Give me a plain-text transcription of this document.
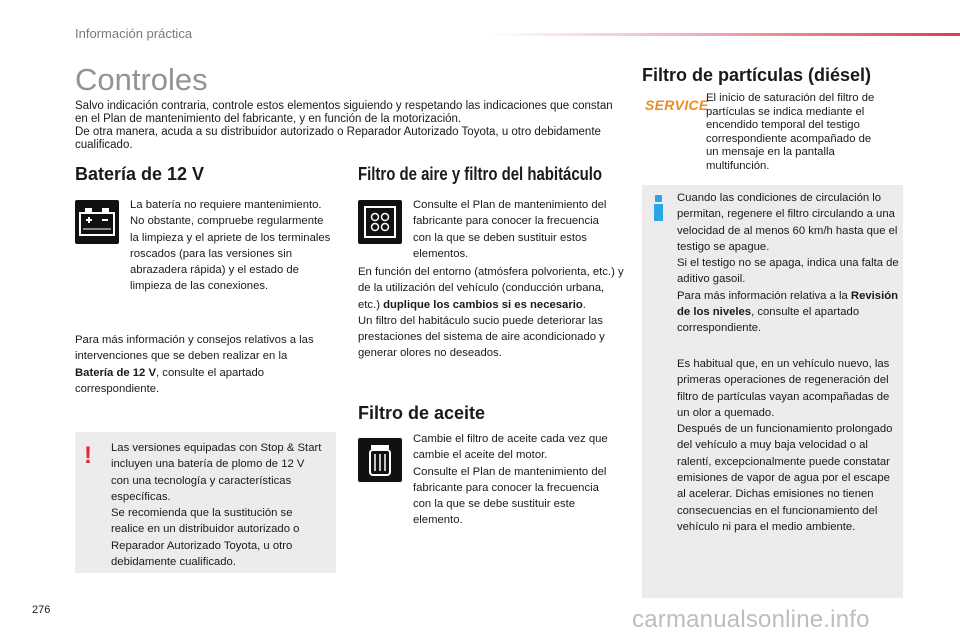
Información práctica
Controles
Salvo indicación contraria, controle estos elementos siguiendo y respetando las indicaciones que constan en el Plan de mantenimiento del fabricante, y en función de la motorización.
De otra manera, acuda a su distribuidor autorizado o Reparador Autorizado Toyota, u otro debidamente cualificado.
Batería de 12 V
La batería no requiere mantenimiento.
No obstante, compruebe regularmente la limpieza y el apriete de los terminales roscados (para las versiones sin abrazadera rápida) y el estado de limpieza de las conexiones.
Para más información y consejos relativos a las intervenciones que se deben realizar en la Batería de 12 V, consulte el apartado correspondiente.
! Las versiones equipadas con Stop & Start incluyen una batería de plomo de 12 V con una tecnología y características específicas.
Se recomienda que la sustitución se realice en un distribuidor autorizado o Reparador Autorizado Toyota, u otro debidamente cualificado.
Filtro de aire y filtro del habitáculo
Consulte el Plan de mantenimiento del fabricante para conocer la frecuencia con la que se deben sustituir estos elementos.
En función del entorno (atmósfera polvorienta, etc.) y de la utilización del vehículo (conducción urbana, etc.) duplique los cambios si es necesario.
Un filtro del habitáculo sucio puede deteriorar las prestaciones del sistema de aire acondicionado y generar olores no deseados.
Filtro de aceite
Cambie el filtro de aceite cada vez que cambie el aceite del motor.
Consulte el Plan de mantenimiento del fabricante para conocer la frecuencia con la que se debe sustituir este elemento.
Filtro de partículas (diésel)
SERVICE
El inicio de saturación del filtro de partículas se indica mediante el encendido temporal del testigo correspondiente acompañado de un mensaje en la pantalla multifunción.
Cuando las condiciones de circulación lo permitan, regenere el filtro circulando a una velocidad de al menos 60 km/h hasta que el testigo se apague.
Si el testigo no se apaga, indica una falta de aditivo gasoil.
Para más información relativa a la Revisión de los niveles, consulte el apartado correspondiente.
Es habitual que, en un vehículo nuevo, las primeras operaciones de regeneración del filtro de partículas vayan acompañadas de un olor a quemado.
Después de un funcionamiento prolongado del vehículo a muy baja velocidad o al ralentí, excepcionalmente puede constatar emisiones de vapor de agua por el escape al acelerar. Dichas emisiones no tienen consecuencias en el funcionamiento del vehículo ni para el medio ambiente.
276	carmanualsonline.info
